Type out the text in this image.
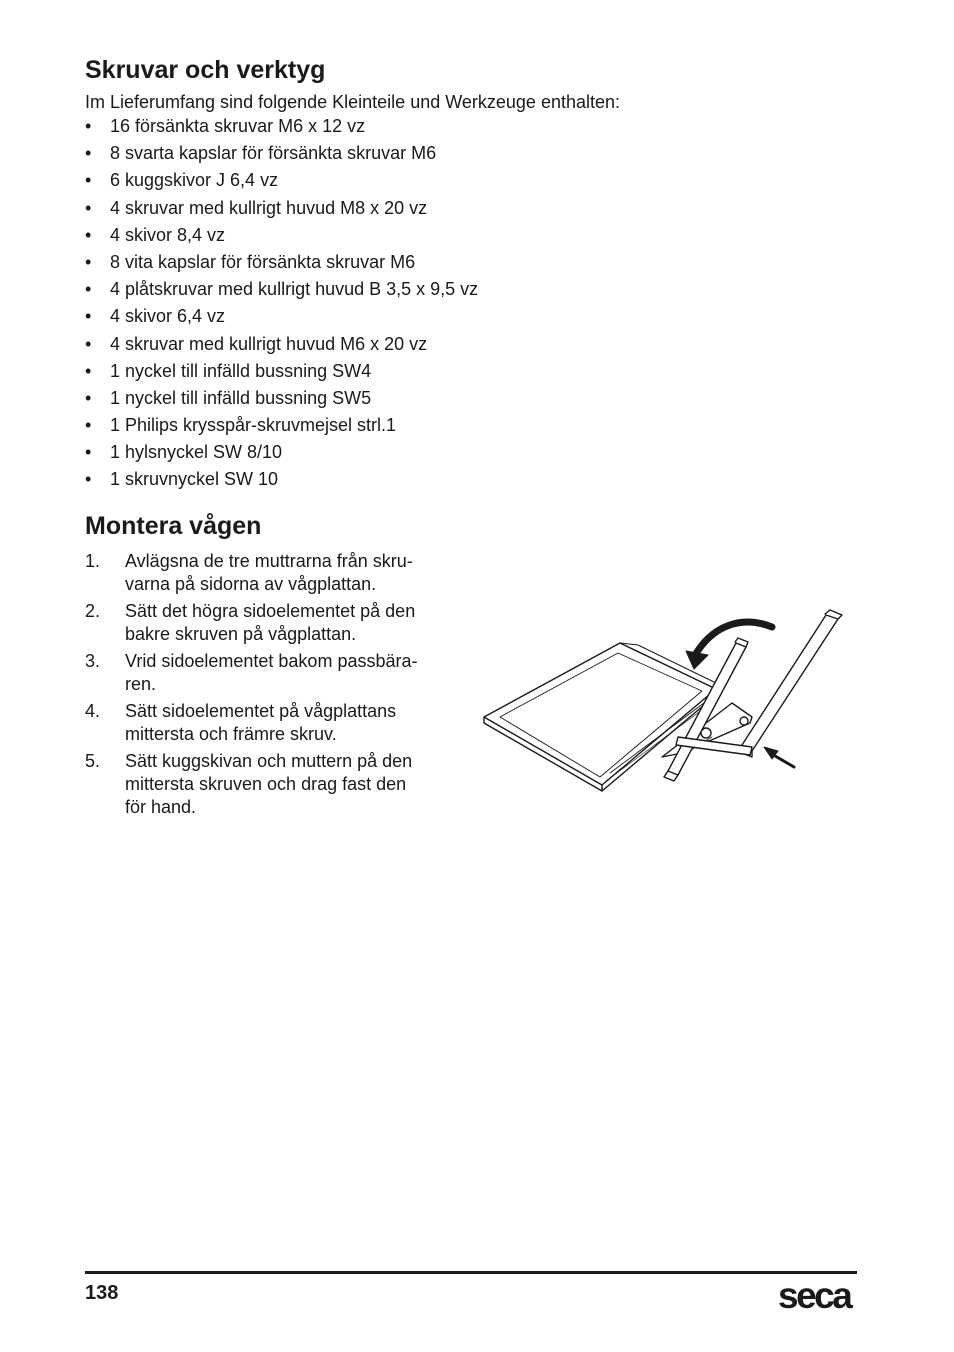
Skruvar och verktyg

Im Lieferumfang sind folgende Kleinteile und Werkzeuge enthalten:

• 16 försänkta skruvar M6 x 12 vz
• 8 svarta kapslar för försänkta skruvar M6
• 6 kuggskivor J 6,4 vz
• 4 skruvar med kullrigt huvud M8 x 20 vz
• 4 skivor 8,4 vz
• 8 vita kapslar för försänkta skruvar M6
• 4 plåtskruvar med kullrigt huvud B 3,5 x 9,5 vz
• 4 skivor 6,4 vz
• 4 skruvar med kullrigt huvud M6 x 20 vz
• 1 nyckel till infälld bussning SW4
• 1 nyckel till infälld bussning SW5
• 1 Philips krysspår-skruvmejsel strl.1
• 1 hylsnyckel SW 8/10
• 1 skruvnyckel SW 10
Montera vågen
1. Avlägsna de tre muttrarna från skru-
varna på sidorna av vågplattan.
2. Sätt det högra sidoelementet på den
bakre skruven på vågplattan.
3. Vrid sidoelementet bakom passbära-
ren.
4. Sätt sidoelementet på vågplattans
mittersta och främre skruv.
5. Sätt kuggskivan och muttern på den
mittersta skruven och drag fast den
för hand.
138	seca
